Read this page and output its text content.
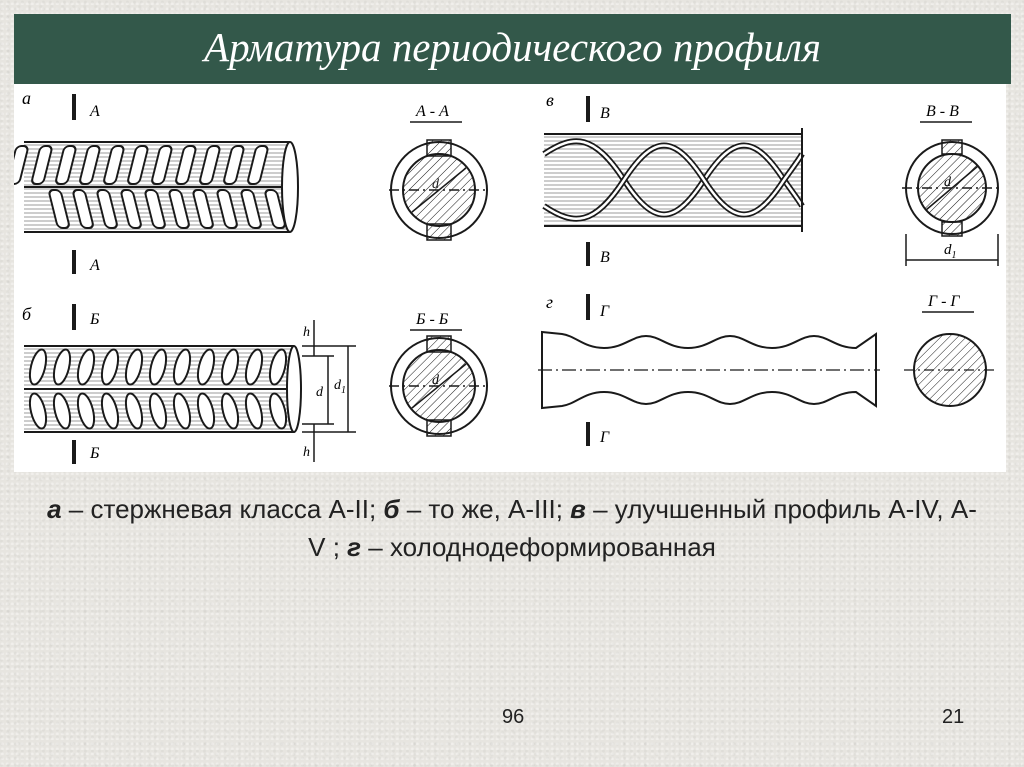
Арматура периодического профиля
а
А
А
А - А
d
б	Б
Б
h
d $d_1$
h
Б - Б
d
в
В
В
В - В
d
$d_1$
г	Г
Г
Г - Г
а – стержневая класса А-II; б – то же, А-III; в – улучшенный профиль А-IV, А-V ; г – холоднодеформированная
96	21
